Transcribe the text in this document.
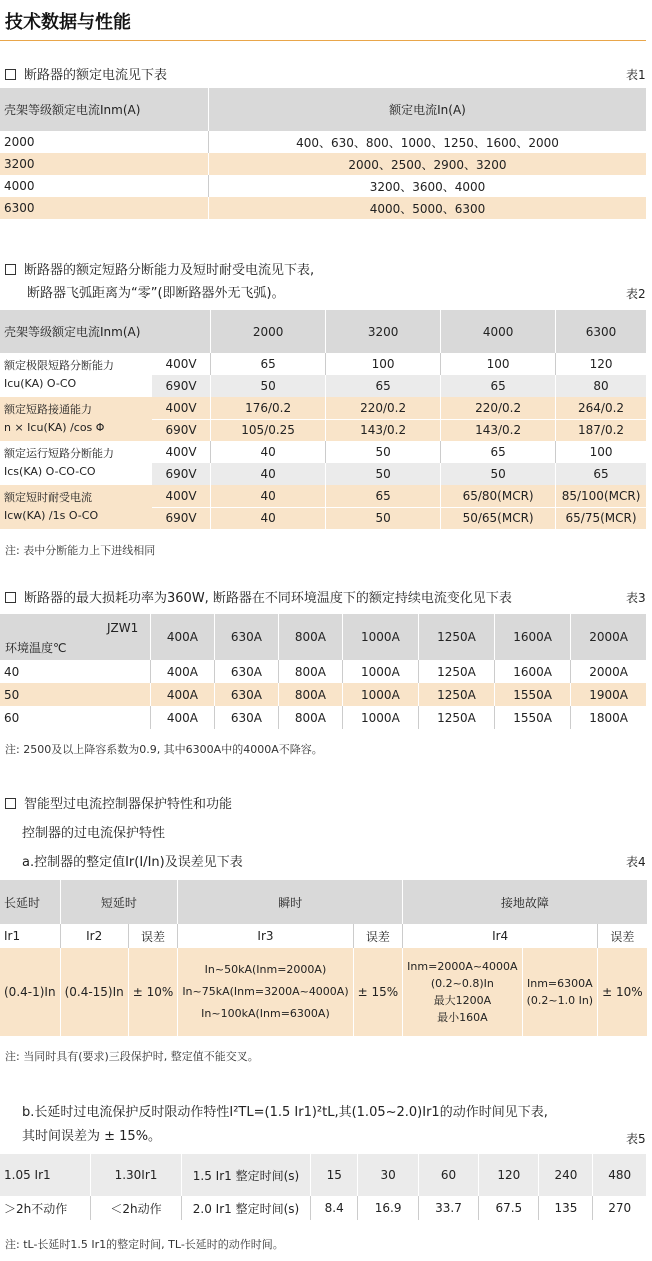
技术数据与性能
断路器的额定电流见下表	表1
壳架等级额定电流Inm(A)	额定电流In(A)
2000	400、630、800、1000、1250、1600、2000
3200	2000、2500、2900、3200
4000	3200、3600、4000
6300	4000、5000、6300
断路器的额定短路分断能力及短时耐受电流见下表,
断路器飞弧距离为“零”(即断路器外无飞弧)。	表2
壳架等级额定电流Inm(A)		2000	3200	4000	6300
额定极限短路分断能力
Icu(KA) O-CO	400V	65	100	100	120
	690V	50	65	65	80
额定短路接通能力
n × Icu(KA) /cos Φ	400V	176/0.2	220/0.2	220/0.2	264/0.2
	690V	105/0.25	143/0.2	143/0.2	187/0.2
额定运行短路分断能力
Ics(KA) O-CO-CO	400V	40	50	65	100
	690V	40	50	50	65
额定短时耐受电流
Icw(KA) /1s O-CO	400V	40	65	65/80(MCR)	85/100(MCR)
	690V	40	50	50/65(MCR)	65/75(MCR)
注: 表中分断能力上下进线相同
断路器的最大损耗功率为360W, 断路器在不同环境温度下的额定持续电流变化见下表	表3
JZW1
环境温度℃	400A	630A	800A	1000A	1250A	1600A	2000A
40	400A	630A	800A	1000A	1250A	1600A	2000A
50	400A	630A	800A	1000A	1250A	1550A	1900A
60	400A	630A	800A	1000A	1250A	1550A	1800A
注: 2500及以上降容系数为0.9, 其中6300A中的4000A不降容。
智能型过电流控制器保护特性和功能
控制器的过电流保护特性
a.控制器的整定值Ir(I/In)及误差见下表	表4
长延时	短延时		瞬时		接地故障		
Ir1	Ir2	误差	Ir3	误差	Ir4		误差
(0.4-1)In	(0.4-15)In	± 10%	In~50kA(Inm=2000A)
In~75kA(Inm=3200A~4000A)
In~100kA(Inm=6300A)	± 15%	Inm=2000A~4000A
(0.2~0.8)In
最大1200A
最小160A	Inm=6300A
(0.2~1.0 In)	± 10%
注: 当同时具有(要求)三段保护时, 整定值不能交叉。
b.长延时过电流保护反时限动作特性I²TL=(1.5 Ir1)²tL,其(1.05~2.0)Ir1的动作时间见下表,
其时间误差为 ± 15%。	表5
1.05 Ir1	1.30Ir1	1.5 Ir1 整定时间(s)	15	30	60	120	240	480
＞2h不动作	＜2h动作	2.0 Ir1 整定时间(s)	8.4	16.9	33.7	67.5	135	270
注: tL-长延时1.5 Ir1的整定时间, TL-长延时的动作时间。
